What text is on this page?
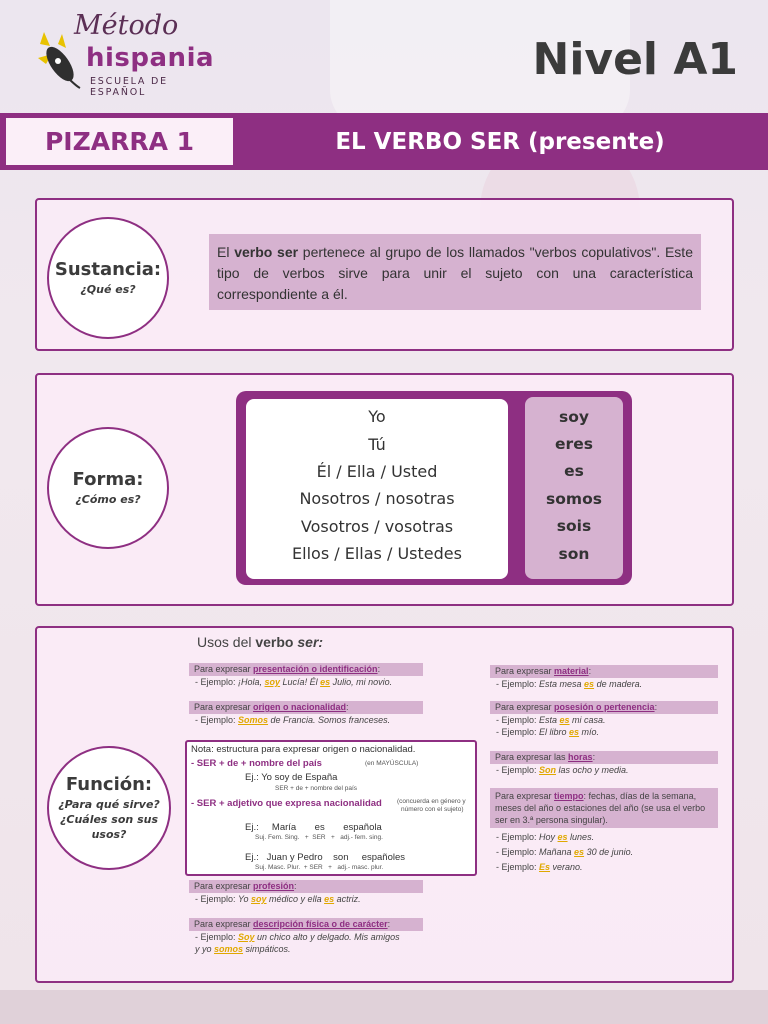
Método
hispania
ESCUELA DE ESPAÑOL
Nivel A1
PIZARRA 1	EL VERBO SER (presente)
Sustancia:
¿Qué es?
El verbo ser pertenece al grupo de los llamados "verbos copulativos". Este tipo de verbos sirve para unir el sujeto con una característica correspondiente a él.
Forma:
¿Cómo es?
Yo
Tú
Él / Ella / Usted
Nosotros / nosotras
Vosotros / vosotras
Ellos / Ellas / Ustedes
soy
eres
es
somos
sois
son
Función:
¿Para qué sirve?
¿Cuáles son sus
usos?
Usos del verbo ser:
Para expresar presentación o identificación:
- Ejemplo: ¡Hola, soy Lucía! Él es Julio, mi novio.
Para expresar origen o nacionalidad:
- Ejemplo: Somos de Francia. Somos franceses.
Nota: estructura para expresar origen o nacionalidad.
- SER + de + nombre del país	(en MAYÚSCULA)
Ej.: Yo soy de España
SER + de + nombre del país
- SER + adjetivo que expresa nacionalidad (concuerda en género y
número con el sujeto)
Ej.:     María       es       española
Suj. Fem. Sing.   +  SER   +   adj.- fem. sing.
Ej.:   Juan y Pedro    son     españoles
Suj. Masc. Plur.  + SER   +   adj.- masc. plur.
Para expresar profesión:
- Ejemplo: Yo soy médico y ella es actriz.
Para expresar descripción física o de carácter:
- Ejemplo: Soy un chico alto y delgado. Mis amigos
y yo somos simpáticos.
Para expresar material:
- Ejemplo: Esta mesa es de madera.
Para expresar posesión o pertenencia:
- Ejemplo: Esta es mi casa.
- Ejemplo: El libro es mío.
Para expresar las horas:
- Ejemplo: Son las ocho y media.
Para expresar tiempo: fechas, días de la semana, meses del año o estaciones del año (se usa el verbo ser en 3.ª persona singular).
- Ejemplo: Hoy es lunes.
- Ejemplo: Mañana es 30 de junio.
- Ejemplo: Es verano.
